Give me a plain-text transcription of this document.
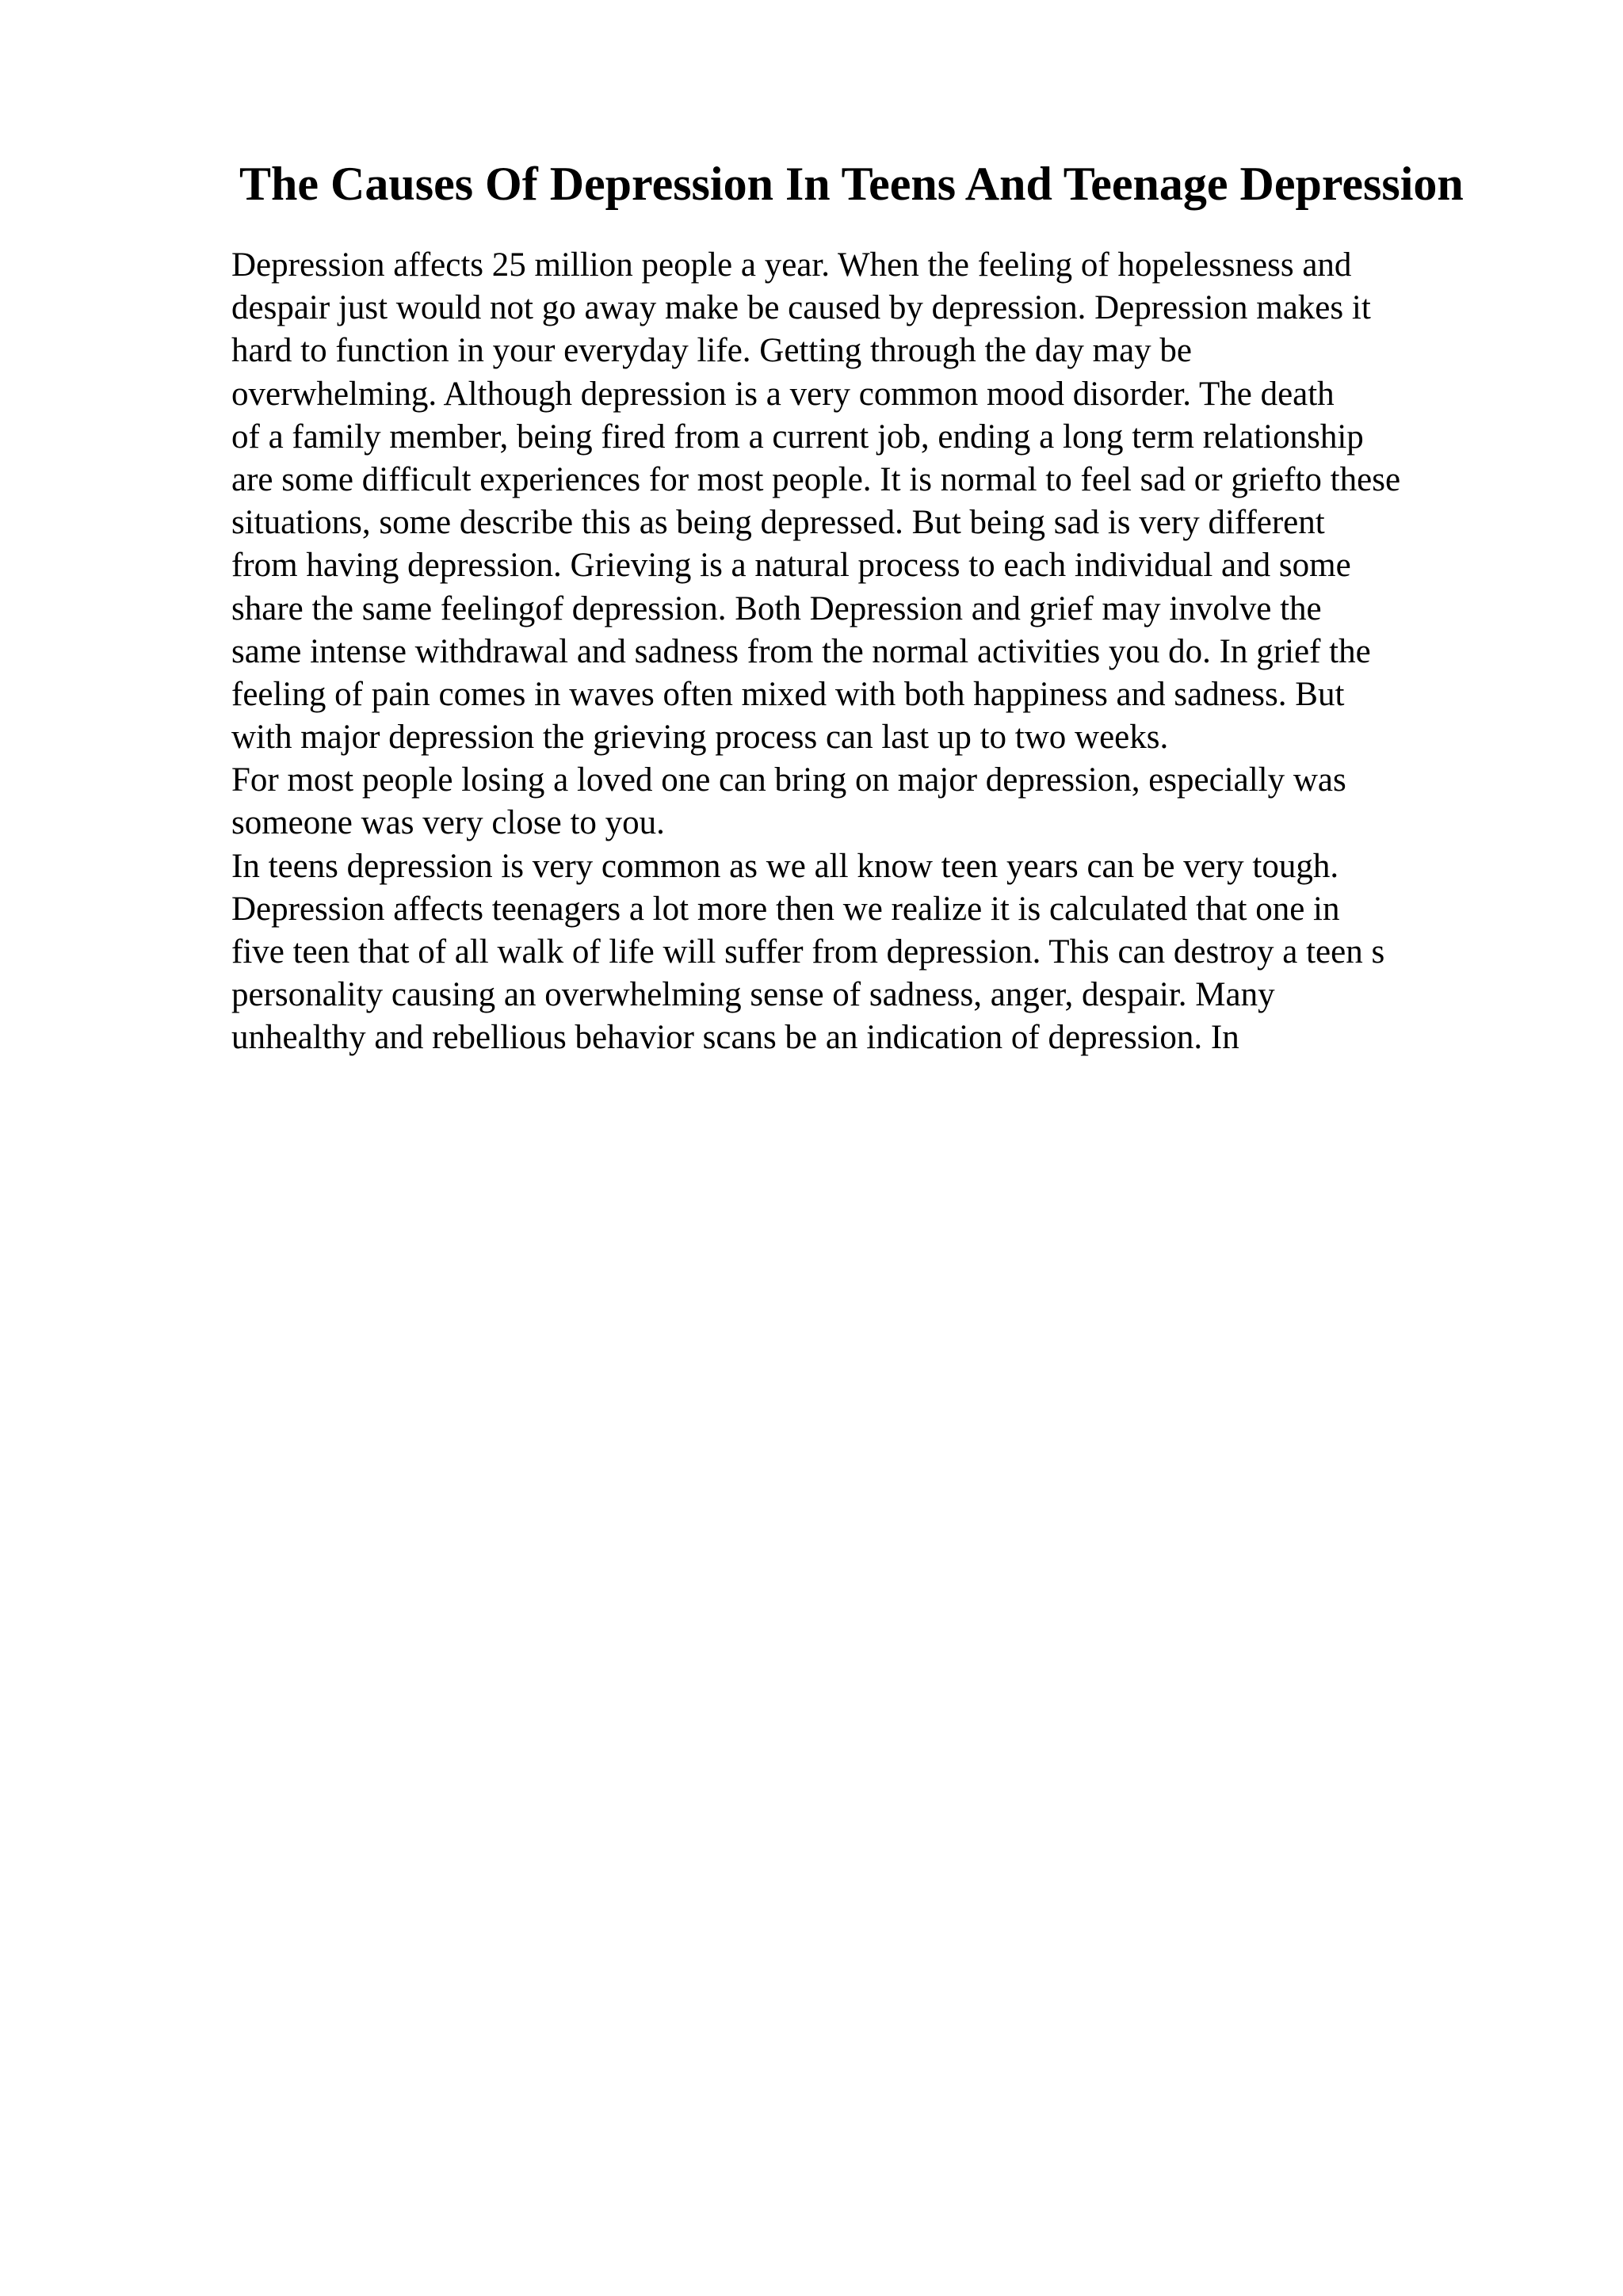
The Causes Of Depression In Teens And Teenage Depression
Depression affects 25 million people a year. When the feeling of hopelessness and
despair just would not go away make be caused by depression. Depression makes it
hard to function in your everyday life. Getting through the day may be
overwhelming. Although depression is a very common mood disorder. The death
of a family member, being fired from a current job, ending a long term relationship
are some difficult experiences for most people. It is normal to feel sad or griefto these
situations, some describe this as being depressed. But being sad is very different
from having depression. Grieving is a natural process to each individual and some
share the same feelingof depression. Both Depression and grief may involve the
same intense withdrawal and sadness from the normal activities you do. In grief the
feeling of pain comes in waves often mixed with both happiness and sadness. But
with major depression the grieving process can last up to two weeks.
For most people losing a loved one can bring on major depression, especially was
someone was very close to you.
In teens depression is very common as we all know teen years can be very tough.
Depression affects teenagers a lot more then we realize it is calculated that one in
five teen that of all walk of life will suffer from depression. This can destroy a teen s
personality causing an overwhelming sense of sadness, anger, despair. Many
unhealthy and rebellious behavior scans be an indication of depression. In
